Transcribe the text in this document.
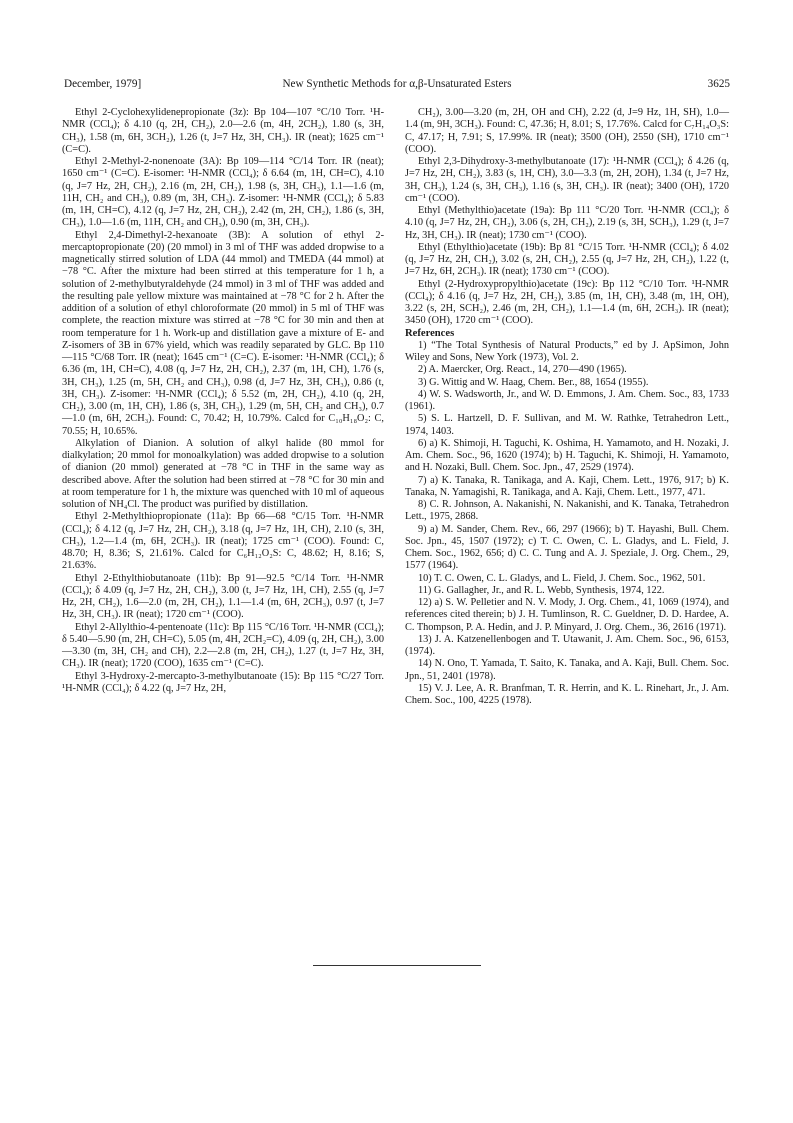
December, 1979]	New Synthetic Methods for α,β-Unsaturated Esters	3625

Ethyl 2-Cyclohexylidenepropionate (3z): Bp 104—107 °C/10 Torr. ¹H-NMR (CCl₄); δ 4.10 (q, 2H, CH₂), 2.0—2.6 (m, 4H, 2CH₂), 1.80 (s, 3H, CH₃), 1.58 (m, 6H, 3CH₂), 1.26 (t, J=7 Hz, 3H, CH₃). IR (neat); 1625 cm⁻¹ (C=C).

Ethyl 2-Methyl-2-nonenoate (3A): Bp 109—114 °C/14 Torr. IR (neat); 1650 cm⁻¹ (C=C). E-isomer: ¹H-NMR (CCl₄); δ 6.64 (m, 1H, CH=C), 4.10 (q, J=7 Hz, 2H, CH₂), 2.16 (m, 2H, CH₂), 1.98 (s, 3H, CH₃), 1.1—1.6 (m, 11H, CH₂ and CH₃), 0.89 (m, 3H, CH₃). Z-isomer: ¹H-NMR (CCl₄); δ 5.83 (m, 1H, CH=C), 4.12 (q, J=7 Hz, 2H, CH₂), 2.42 (m, 2H, CH₂), 1.86 (s, 3H, CH₃), 1.0—1.6 (m, 11H, CH₂ and CH₃), 0.90 (m, 3H, CH₃).

Ethyl 2,4-Dimethyl-2-hexanoate (3B): A solution of ethyl 2-mercaptopropionate (20) (20 mmol) in 3 ml of THF was added dropwise to a magnetically stirred solution of LDA (44 mmol) and TMEDA (44 mmol) at −78 °C. After the mixture had been stirred at this temperature for 1 h, a solution of 2-methylbutyraldehyde (24 mmol) in 3 ml of THF was added and the resulting pale yellow mixture was maintained at −78 °C for 2 h. After the addition of a solution of ethyl chloroformate (20 mmol) in 5 ml of THF was complete, the reaction mixture was stirred at −78 °C for 30 min and then at room temperature for 1 h. Work-up and distillation gave a mixture of E- and Z-isomers of 3B in 67% yield, which was readily separated by GLC. Bp 110—115 °C/68 Torr. IR (neat); 1645 cm⁻¹ (C=C). E-isomer: ¹H-NMR (CCl₄); δ 6.36 (m, 1H, CH=C), 4.08 (q, J=7 Hz, 2H, CH₂), 2.37 (m, 1H, CH), 1.76 (s, 3H, CH₃), 1.25 (m, 5H, CH₂ and CH₃), 0.98 (d, J=7 Hz, 3H, CH₃), 0.86 (t, 3H, CH₃). Z-isomer: ¹H-NMR (CCl₄); δ 5.52 (m, 2H, CH₂), 4.10 (q, 2H, CH₂), 3.00 (m, 1H, CH), 1.86 (s, 3H, CH₃), 1.29 (m, 5H, CH₂ and CH₃), 0.7—1.0 (m, 6H, 2CH₃). Found: C, 70.42; H, 10.79%. Calcd for C₁₀H₁₈O₂: C, 70.55; H, 10.65%.

Alkylation of Dianion. A solution of alkyl halide (80 mmol for dialkylation; 20 mmol for monoalkylation) was added dropwise to a solution of dianion (20 mmol) generated at −78 °C in THF in the same way as described above. After the solution had been stirred at −78 °C for 30 min and at room temperature for 1 h, the mixture was quenched with 10 ml of aqueous solution of NH₄Cl. The product was purified by distillation.

Ethyl 2-Methylthiopropionate (11a): Bp 66—68 °C/15 Torr. ¹H-NMR (CCl₄); δ 4.12 (q, J=7 Hz, 2H, CH₂), 3.18 (q, J=7 Hz, 1H, CH), 2.10 (s, 3H, CH₃), 1.2—1.4 (m, 6H, 2CH₃). IR (neat); 1725 cm⁻¹ (COO). Found: C, 48.70; H, 8.36; S, 21.61%. Calcd for C₆H₁₂O₂S: C, 48.62; H, 8.16; S, 21.63%.

Ethyl 2-Ethylthiobutanoate (11b): Bp 91—92.5 °C/14 Torr. ¹H-NMR (CCl₄); δ 4.09 (q, J=7 Hz, 2H, CH₂), 3.00 (t, J=7 Hz, 1H, CH), 2.55 (q, J=7 Hz, 2H, CH₂), 1.6—2.0 (m, 2H, CH₂), 1.1—1.4 (m, 6H, 2CH₃), 0.97 (t, J=7 Hz, 3H, CH₃). IR (neat); 1720 cm⁻¹ (COO).

Ethyl 2-Allylthio-4-pentenoate (11c): Bp 115 °C/16 Torr. ¹H-NMR (CCl₄); δ 5.40—5.90 (m, 2H, CH=C), 5.05 (m, 4H, 2CH₂=C), 4.09 (q, 2H, CH₂), 3.00—3.30 (m, 3H, CH₂ and CH), 2.2—2.8 (m, 2H, CH₂), 1.27 (t, J=7 Hz, 3H, CH₃). IR (neat); 1720 (COO), 1635 cm⁻¹ (C=C).

Ethyl 3-Hydroxy-2-mercapto-3-methylbutanoate (15): Bp 115 °C/27 Torr. ¹H-NMR (CCl₄); δ 4.22 (q, J=7 Hz, 2H,

CH₂), 3.00—3.20 (m, 2H, OH and CH), 2.22 (d, J=9 Hz, 1H, SH), 1.0—1.4 (m, 9H, 3CH₃). Found: C, 47.36; H, 8.01; S, 17.76%. Calcd for C₇H₁₄O₃S: C, 47.17; H, 7.91; S, 17.99%. IR (neat); 3500 (OH), 2550 (SH), 1710 cm⁻¹ (COO).

Ethyl 2,3-Dihydroxy-3-methylbutanoate (17): ¹H-NMR (CCl₄); δ 4.26 (q, J=7 Hz, 2H, CH₂), 3.83 (s, 1H, CH), 3.0—3.3 (m, 2H, 2OH), 1.34 (t, J=7 Hz, 3H, CH₃), 1.24 (s, 3H, CH₃), 1.16 (s, 3H, CH₃). IR (neat); 3400 (OH), 1720 cm⁻¹ (COO).

Ethyl (Methylthio)acetate (19a): Bp 111 °C/20 Torr. ¹H-NMR (CCl₄); δ 4.10 (q, J=7 Hz, 2H, CH₂), 3.06 (s, 2H, CH₂), 2.19 (s, 3H, SCH₃), 1.29 (t, J=7 Hz, 3H, CH₃). IR (neat); 1730 cm⁻¹ (COO).

Ethyl (Ethylthio)acetate (19b): Bp 81 °C/15 Torr. ¹H-NMR (CCl₄); δ 4.02 (q, J=7 Hz, 2H, CH₂), 3.02 (s, 2H, CH₂), 2.55 (q, J=7 Hz, 2H, CH₂), 1.22 (t, J=7 Hz, 6H, 2CH₃). IR (neat); 1730 cm⁻¹ (COO).

Ethyl (2-Hydroxypropylthio)acetate (19c): Bp 112 °C/10 Torr. ¹H-NMR (CCl₄); δ 4.16 (q, J=7 Hz, 2H, CH₂), 3.85 (m, 1H, CH), 3.48 (m, 1H, OH), 3.22 (s, 2H, SCH₂), 2.46 (m, 2H, CH₂), 1.1—1.4 (m, 6H, 2CH₃). IR (neat); 3450 (OH), 1720 cm⁻¹ (COO).

References

1) “The Total Synthesis of Natural Products,” ed by J. ApSimon, John Wiley and Sons, New York (1973), Vol. 2.

2) A. Maercker, Org. React., 14, 270—490 (1965).

3) G. Wittig and W. Haag, Chem. Ber., 88, 1654 (1955).

4) W. S. Wadsworth, Jr., and W. D. Emmons, J. Am. Chem. Soc., 83, 1733 (1961).

5) S. L. Hartzell, D. F. Sullivan, and M. W. Rathke, Tetrahedron Lett., 1974, 1403.

6) a) K. Shimoji, H. Taguchi, K. Oshima, H. Yamamoto, and H. Nozaki, J. Am. Chem. Soc., 96, 1620 (1974); b) H. Taguchi, K. Shimoji, H. Yamamoto, and H. Nozaki, Bull. Chem. Soc. Jpn., 47, 2529 (1974).

7) a) K. Tanaka, R. Tanikaga, and A. Kaji, Chem. Lett., 1976, 917; b) K. Tanaka, N. Yamagishi, R. Tanikaga, and A. Kaji, Chem. Lett., 1977, 471.

8) C. R. Johnson, A. Nakanishi, N. Nakanishi, and K. Tanaka, Tetrahedron Lett., 1975, 2868.

9) a) M. Sander, Chem. Rev., 66, 297 (1966); b) T. Hayashi, Bull. Chem. Soc. Jpn., 45, 1507 (1972); c) T. C. Owen, C. L. Gladys, and L. Field, J. Chem. Soc., 1962, 656; d) C. C. Tung and A. J. Speziale, J. Org. Chem., 29, 1577 (1964).

10) T. C. Owen, C. L. Gladys, and L. Field, J. Chem. Soc., 1962, 501.

11) G. Gallagher, Jr., and R. L. Webb, Synthesis, 1974, 122.

12) a) S. W. Pelletier and N. V. Mody, J. Org. Chem., 41, 1069 (1974), and references cited therein; b) J. H. Tumlinson, R. C. Gueldner, D. D. Hardee, A. C. Thompson, P. A. Hedin, and J. P. Minyard, J. Org. Chem., 36, 2616 (1971).

13) J. A. Katzenellenbogen and T. Utawanit, J. Am. Chem. Soc., 96, 6153, (1974).

14) N. Ono, T. Yamada, T. Saito, K. Tanaka, and A. Kaji, Bull. Chem. Soc. Jpn., 51, 2401 (1978).

15) V. J. Lee, A. R. Branfman, T. R. Herrin, and K. L. Rinehart, Jr., J. Am. Chem. Soc., 100, 4225 (1978).
